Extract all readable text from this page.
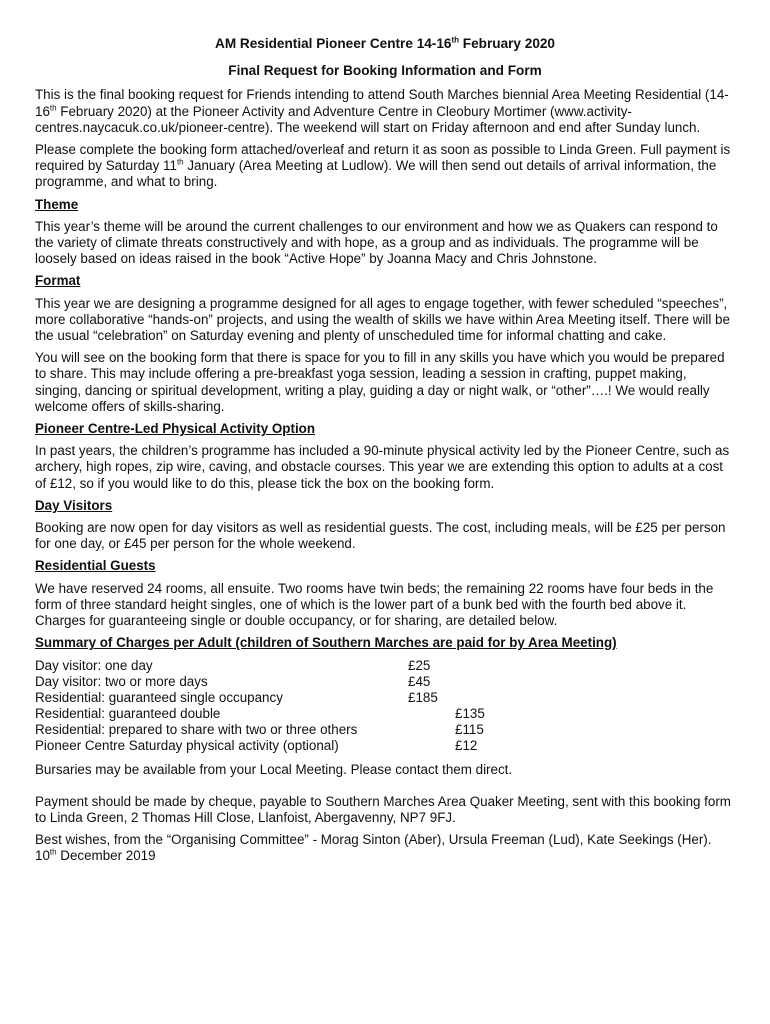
AM Residential Pioneer Centre 14-16th February 2020

Final Request for Booking Information and Form

This is the final booking request for Friends intending to attend South Marches biennial Area Meeting Residential (14-16th February 2020) at the Pioneer Activity and Adventure Centre in Cleobury Mortimer (www.activity-centres.naycacuk.co.uk/pioneer-centre). The weekend will start on Friday afternoon and end after Sunday lunch.

Please complete the booking form attached/overleaf and return it as soon as possible to Linda Green. Full payment is required by Saturday 11th January (Area Meeting at Ludlow). We will then send out details of arrival information, the programme, and what to bring.

Theme

This year’s theme will be around the current challenges to our environment and how we as Quakers can respond to the variety of climate threats constructively and with hope, as a group and as individuals. The programme will be loosely based on ideas raised in the book “Active Hope” by Joanna Macy and Chris Johnstone.

Format

This year we are designing a programme designed for all ages to engage together, with fewer scheduled “speeches”, more collaborative “hands-on” projects, and using the wealth of skills we have within Area Meeting itself. There will be the usual “celebration” on Saturday evening and plenty of unscheduled time for informal chatting and cake.

You will see on the booking form that there is space for you to fill in any skills you have which you would be prepared to share. This may include offering a pre-breakfast yoga session, leading a session in crafting, puppet making, singing, dancing or spiritual development, writing a play, guiding a day or night walk, or “other”….! We would really welcome offers of skills-sharing.

Pioneer Centre-Led Physical Activity Option

In past years, the children’s programme has included a 90-minute physical activity led by the Pioneer Centre, such as archery, high ropes, zip wire, caving, and obstacle courses. This year we are extending this option to adults at a cost of £12, so if you would like to do this, please tick the box on the booking form.

Day Visitors

Booking are now open for day visitors as well as residential guests. The cost, including meals, will be £25 per person for one day, or £45 per person for the whole weekend.

Residential Guests

We have reserved 24 rooms, all ensuite. Two rooms have twin beds; the remaining 22 rooms have four beds in the form of three standard height singles, one of which is the lower part of a bunk bed with the fourth bed above it. Charges for guaranteeing single or double occupancy, or for sharing, are detailed below.

Summary of Charges per Adult (children of Southern Marches are paid for by Area Meeting)

Day visitor: one day	£25
Day visitor: two or more days	£45
Residential: guaranteed single occupancy	£185
Residential: guaranteed double	£135
Residential: prepared to share with two or three others	£115
Pioneer Centre Saturday physical activity (optional)	£12

Bursaries may be available from your Local Meeting. Please contact them direct.

Payment should be made by cheque, payable to Southern Marches Area Quaker Meeting, sent with this booking form to Linda Green, 2 Thomas Hill Close, Llanfoist, Abergavenny, NP7 9FJ.

Best wishes, from the “Organising Committee” - Morag Sinton (Aber), Ursula Freeman (Lud), Kate Seekings (Her). 10th December 2019
